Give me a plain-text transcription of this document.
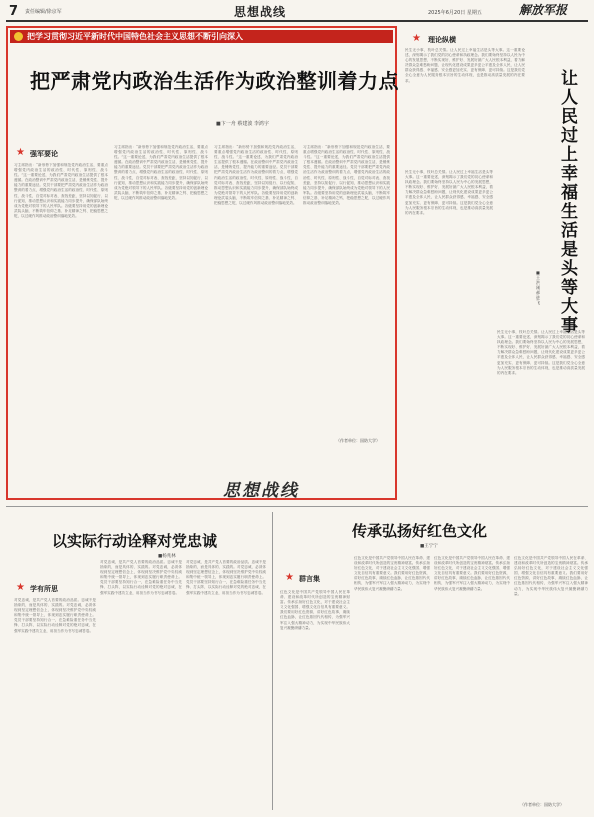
7 责任编辑/徐京军	思想战线	2025年6月20日 星期五	解放军报
把学习贯彻习近平新时代中国特色社会主义思想不断引向深入
把严肃党内政治生活作为政治整训着力点
■卞一舟 蔡建波 李鸿宇
★ 强军要论
习主席指出：“新形势下加强和规范党内政治生活，要重点增强党内政治生活的政治性、时代性、原则性、战斗性。”这一重要论述，为我们严肃党内政治生活提供了根本遵循。在政治整训中严肃党内政治生活，是锤炼党性、提升能力的重要途径。党员干部要把严肃党内政治生活作为政治整训的着力点，增强党内政治生活的政治性、时代性、原则性、战斗性，自觉对标对表、查找差距，坚持以知促行、以行促知，推动思想认识和实践能力同步提升，确保部队始终成为党绝对领导下的人民军队。各级要坚持用党的创新理论武装头脑，不断筑牢信仰之基、补足精神之钙、把稳思想之舵，以过硬作风推动政治整训落地见效。
习主席指出：“新形势下加强和规范党内政治生活，要重点增强党内政治生活的政治性、时代性、原则性、战斗性。”这一重要论述，为我们严肃党内政治生活提供了根本遵循。在政治整训中严肃党内政治生活，是锤炼党性、提升能力的重要途径。党员干部要把严肃党内政治生活作为政治整训的着力点，增强党内政治生活的政治性、时代性、原则性、战斗性，自觉对标对表、查找差距，坚持以知促行、以行促知，推动思想认识和实践能力同步提升，确保部队始终成为党绝对领导下的人民军队。各级要坚持用党的创新理论武装头脑，不断筑牢信仰之基、补足精神之钙、把稳思想之舵，以过硬作风推动政治整训落地见效。
习主席指出：“新形势下加强和规范党内政治生活，要重点增强党内政治生活的政治性、时代性、原则性、战斗性。”这一重要论述，为我们严肃党内政治生活提供了根本遵循。在政治整训中严肃党内政治生活，是锤炼党性、提升能力的重要途径。党员干部要把严肃党内政治生活作为政治整训的着力点，增强党内政治生活的政治性、时代性、原则性、战斗性，自觉对标对表、查找差距，坚持以知促行、以行促知，推动思想认识和实践能力同步提升，确保部队始终成为党绝对领导下的人民军队。各级要坚持用党的创新理论武装头脑，不断筑牢信仰之基、补足精神之钙、把稳思想之舵，以过硬作风推动政治整训落地见效。
习主席指出：“新形势下加强和规范党内政治生活，要重点增强党内政治生活的政治性、时代性、原则性、战斗性。”这一重要论述，为我们严肃党内政治生活提供了根本遵循。在政治整训中严肃党内政治生活，是锤炼党性、提升能力的重要途径。党员干部要把严肃党内政治生活作为政治整训的着力点，增强党内政治生活的政治性、时代性、原则性、战斗性，自觉对标对表、查找差距，坚持以知促行、以行促知，推动思想认识和实践能力同步提升，确保部队始终成为党绝对领导下的人民军队。各级要坚持用党的创新理论武装头脑，不断筑牢信仰之基、补足精神之钙、把稳思想之舵，以过硬作风推动政治整训落地见效。
（作者单位：国防大学）
思想战线
★ 理论纵横
民生无小事，枝叶总关情。让人民过上幸福生活是头等大事。这一重要论述，深刻揭示了我们党的初心使命和执政理念。我们要始终坚持以人民为中心的发展思想，不断实现好、维护好、发展好最广大人民根本利益，着力解决群众急难愁盼问题，让现代化建设成果更多更公平惠及全体人民，让人民群众获得感、幸福感、安全感更加充实、更有保障、更可持续。这是我们党全心全意为人民服务根本宗旨的生动体现，也是推动高质量发展的内在要求。	让人民过上幸福生活是头等大事
■王洪刚 郝进飞
民生无小事，枝叶总关情。让人民过上幸福生活是头等大事。这一重要论述，深刻揭示了我们党的初心使命和执政理念。我们要始终坚持以人民为中心的发展思想，不断实现好、维护好、发展好最广大人民根本利益，着力解决群众急难愁盼问题，让现代化建设成果更多更公平惠及全体人民，让人民群众获得感、幸福感、安全感更加充实、更有保障、更可持续。这是我们党全心全意为人民服务根本宗旨的生动体现，也是推动高质量发展的内在要求。
民生无小事，枝叶总关情。让人民过上幸福生活是头等大事。这一重要论述，深刻揭示了我们党的初心使命和执政理念。我们要始终坚持以人民为中心的发展思想，不断实现好、维护好、发展好最广大人民根本利益，着力解决群众急难愁盼问题，让现代化建设成果更多更公平惠及全体人民，让人民群众获得感、幸福感、安全感更加充实、更有保障、更可持续。这是我们党全心全意为人民服务根本宗旨的生动体现，也是推动高质量发展的内在要求。
以实际行动诠释对党忠诚
■杨兆林
★ 学有所思
对党忠诚，是共产党人首要的政治品质。忠诚不是抽象的，而是具体的、实践的。对党忠诚，必须体现到坚定理想信念上，体现到坚决维护党中央权威和集中统一领导上，体现到忠实履行职责使命上。党员干部要坚持知行合一，在急难险重任务中当先锋、打头阵，以实际行动诠释对党的绝对忠诚，在强军实践中建功立业，用担当作为书写忠诚答卷。
对党忠诚，是共产党人首要的政治品质。忠诚不是抽象的，而是具体的、实践的。对党忠诚，必须体现到坚定理想信念上，体现到坚决维护党中央权威和集中统一领导上，体现到忠实履行职责使命上。党员干部要坚持知行合一，在急难险重任务中当先锋、打头阵，以实际行动诠释对党的绝对忠诚，在强军实践中建功立业，用担当作为书写忠诚答卷。
对党忠诚，是共产党人首要的政治品质。忠诚不是抽象的，而是具体的、实践的。对党忠诚，必须体现到坚定理想信念上，体现到坚决维护党中央权威和集中统一领导上，体现到忠实履行职责使命上。党员干部要坚持知行合一，在急难险重任务中当先锋、打头阵，以实际行动诠释对党的绝对忠诚，在强军实践中建功立业，用担当作为书写忠诚答卷。
传承弘扬好红色文化
■王宁宁
★ 群言集
红色文化是中国共产党领导中国人民在革命、建设和改革时代所创造的宝贵精神财富。传承弘扬好红色文化，对于建设社会主义文化强国、增强文化自信具有重要意义。我们要用好红色资源，讲好红色故事，赓续红色血脉，让红色基因代代相传，为强军兴军注入强大精神动力，为实现中华民族伟大复兴凝聚磅礴力量。
红色文化是中国共产党领导中国人民在革命、建设和改革时代所创造的宝贵精神财富。传承弘扬好红色文化，对于建设社会主义文化强国、增强文化自信具有重要意义。我们要用好红色资源，讲好红色故事，赓续红色血脉，让红色基因代代相传，为强军兴军注入强大精神动力，为实现中华民族伟大复兴凝聚磅礴力量。
红色文化是中国共产党领导中国人民在革命、建设和改革时代所创造的宝贵精神财富。传承弘扬好红色文化，对于建设社会主义文化强国、增强文化自信具有重要意义。我们要用好红色资源，讲好红色故事，赓续红色血脉，让红色基因代代相传，为强军兴军注入强大精神动力，为实现中华民族伟大复兴凝聚磅礴力量。
红色文化是中国共产党领导中国人民在革命、建设和改革时代所创造的宝贵精神财富。传承弘扬好红色文化，对于建设社会主义文化强国、增强文化自信具有重要意义。我们要用好红色资源，讲好红色故事，赓续红色血脉，让红色基因代代相传，为强军兴军注入强大精神动力，为实现中华民族伟大复兴凝聚磅礴力量。
（作者单位：国防大学）
